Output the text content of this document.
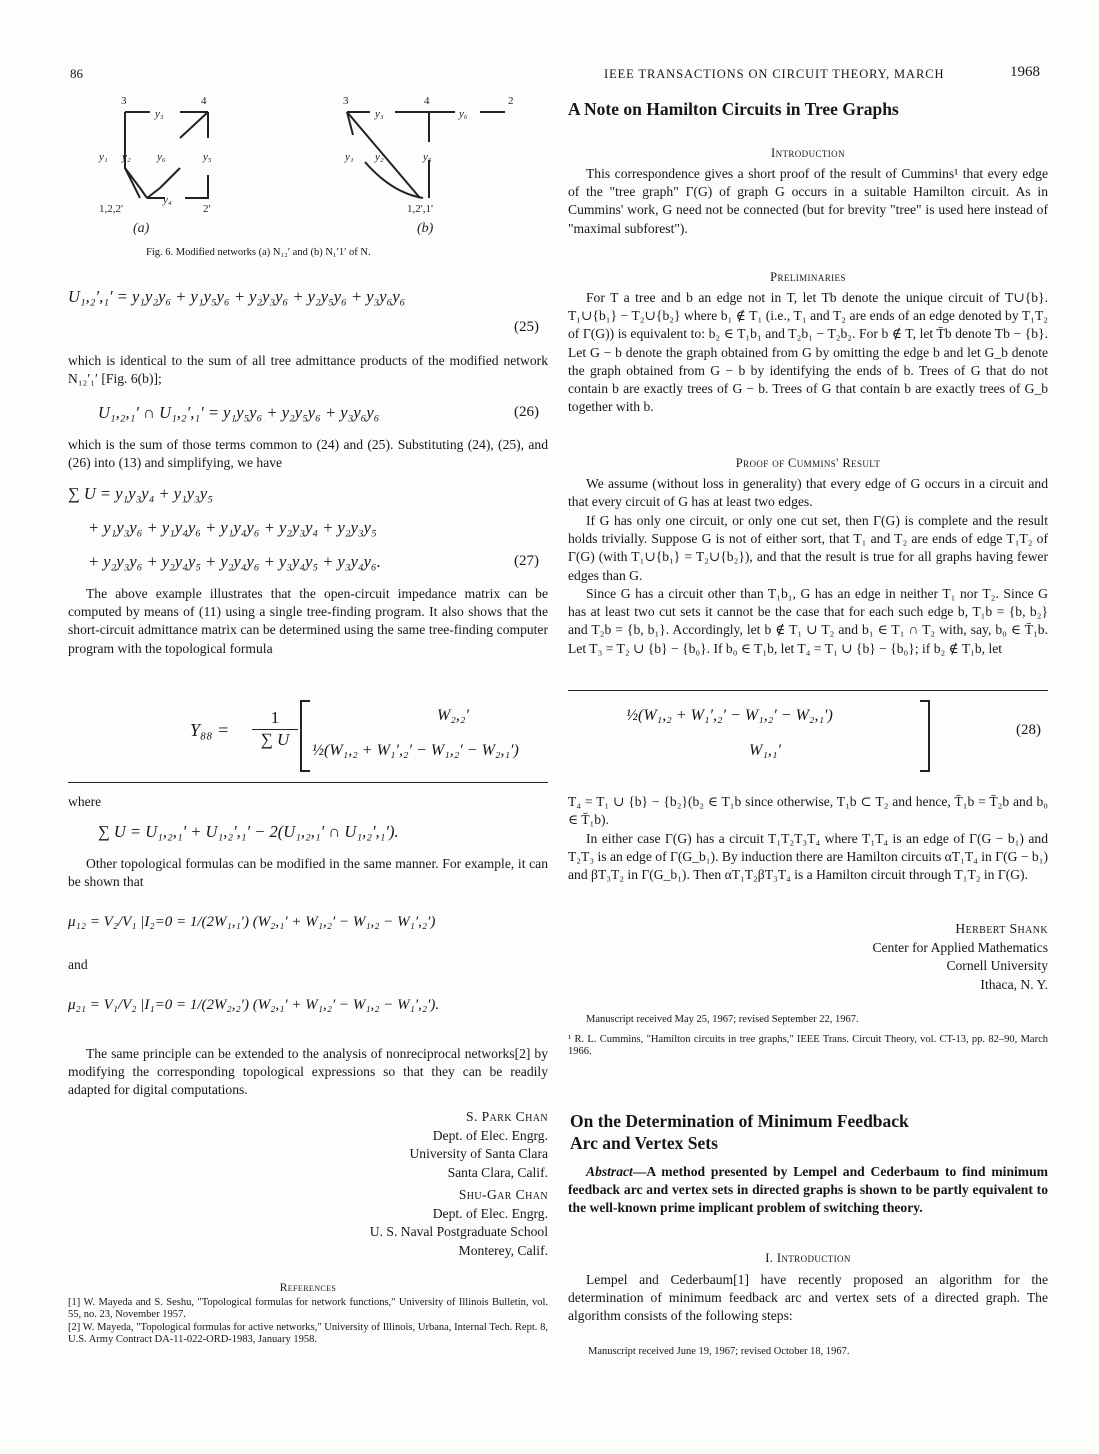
86	IEEE TRANSACTIONS ON CIRCUIT THEORY, MARCH	1968
3	4
y₃
y₁ y₂ y₆	y₅
y₄
1,2,2'	2'
(a)
3	4	2
y₃	y₆
y₁ y₂	y₅
1,2',1'
(b)
Fig. 6. Modified networks (a) N₁₂′ and (b) N₁′1′ of N.
U₁,₂′,₁′ = y₁y₂y₆ + y₁y₅y₆ + y₂y₃y₆ + y₂y₅y₆ + y₃y₆y₆
(25)
which is identical to the sum of all tree admittance products of the modified network N₁₂′₁′ [Fig. 6(b)];
U₁,₂,₁′ ∩ U₁,₂′,₁′ = y₁y₅y₆ + y₂y₅y₆ + y₃y₆y₆	(26)
which is the sum of those terms common to (24) and (25). Substituting (24), (25), and (26) into (13) and simplifying, we have
∑ U = y₁y₃y₄ + y₁y₃y₅
+ y₁y₃y₆ + y₁y₄y₆ + y₁y₄y₆ + y₂y₃y₄ + y₂y₃y₅
+ y₂y₃y₆ + y₂y₄y₅ + y₂y₄y₆ + y₃y₄y₅ + y₃y₄y₆.	(27)
The above example illustrates that the open-circuit impedance matrix can be computed by means of (11) using a single tree-finding program. It also shows that the short-circuit admittance matrix can be determined using the same tree-finding computer program with the topological formula
$Y_{88} = \frac{1}{\sum U}$	W₂,₂′	½(W₁,₂ + W₁′,₂′ − W₁,₂′ − W₂,₁′)
½(W₁,₂ + W₁′,₂′ − W₁,₂′ − W₂,₁′)	W₁,₁′
(28)
where
∑ U = U₁,₂,₁′ + U₁,₂′,₁′ − 2(U₁,₂,₁′ ∩ U₁,₂′,₁′).
Other topological formulas can be modified in the same manner. For example, it can be shown that
μ₁₂ = V₂/V₁ |I₂=0 = 1/(2W₁,₁′) (W₂,₁′ + W₁,₂′ − W₁,₂ − W₁′,₂′)
and
μ₂₁ = V₁/V₂ |I₁=0 = 1/(2W₂,₂′) (W₂,₁′ + W₁,₂′ − W₁,₂ − W₁′,₂′).
The same principle can be extended to the analysis of nonreciprocal networks[2] by modifying the corresponding topological expressions so that they can be readily adapted for digital computations.
S. Park Chan
Dept. of Elec. Engrg.
University of Santa Clara
Santa Clara, Calif.
Shu-Gar Chan
Dept. of Elec. Engrg.
U. S. Naval Postgraduate School
Monterey, Calif.
References
[1] W. Mayeda and S. Seshu, "Topological formulas for network functions," University of Illinois Bulletin, vol. 55, no. 23, November 1957.
[2] W. Mayeda, "Topological formulas for active networks," University of Illinois, Urbana, Internal Tech. Rept. 8, U.S. Army Contract DA-11-022-ORD-1983, January 1958.
A Note on Hamilton Circuits in Tree Graphs
Introduction
This correspondence gives a short proof of the result of Cummins¹ that every edge of the "tree graph" Γ(G) of graph G occurs in a suitable Hamilton circuit. As in Cummins' work, G need not be connected (but for brevity "tree" is used here instead of "maximal subforest").
Preliminaries
For T a tree and b an edge not in T, let Tb denote the unique circuit of T∪{b}. T₁∪{b₁} − T₂∪{b₂} where b₁ ∉ T₁ (i.e., T₁ and T₂ are ends of an edge denoted by T₁T₂ of Γ(G)) is equivalent to: b₂ ∈ T₁b₁ and T₂b₁ − T₂b₂. For b ∉ T, let T̄b denote Tb − {b}. Let G − b denote the graph obtained from G by omitting the edge b and let G_b denote the graph obtained from G − b by identifying the ends of b. Trees of G that do not contain b are exactly trees of G − b. Trees of G that contain b are exactly trees of G_b together with b.
Proof of Cummins' Result
We assume (without loss in generality) that every edge of G occurs in a circuit and that every circuit of G has at least two edges.
If G has only one circuit, or only one cut set, then Γ(G) is complete and the result holds trivially. Suppose G is not of either sort, that T₁ and T₂ are ends of edge T₁T₂ of Γ(G) (with T₁∪{b₁} = T₂∪{b₂}), and that the result is true for all graphs having fewer edges than G.
Since G has a circuit other than T₁b₁, G has an edge in neither T₁ nor T₂. Since G has at least two cut sets it cannot be the case that for each such edge b, T₁b = {b, b₂} and T₂b = {b, b₁}. Accordingly, let b ∉ T₁ ∪ T₂ and b₁ ∈ T₁ ∩ T₂ with, say, b₀ ∈ T̄₁b. Let T₃ = T₂ ∪ {b} − {b₀}. If b₀ ∈ T₁b, let T₄ = T₁ ∪ {b} − {b₀}; if b₂ ∉ T₁b, let
T₄ = T₁ ∪ {b} − {b₂}(b₂ ∈ T₁b since otherwise, T₁b ⊂ T₂ and hence, T̄₁b = T̄₂b and b₀ ∈ T̄₁b).
In either case Γ(G) has a circuit T₁T₂T₃T₄ where T₁T₄ is an edge of Γ(G − b₁) and T₂T₃ is an edge of Γ(G_b₁). By induction there are Hamilton circuits αT₁T₄ in Γ(G − b₁) and βT₃T₂ in Γ(G_b₁). Then αT₁T₂βT₃T₄ is a Hamilton circuit through T₁T₂ in Γ(G).
Herbert Shank
Center for Applied Mathematics
Cornell University
Ithaca, N. Y.
Manuscript received May 25, 1967; revised September 22, 1967.
¹ R. L. Cummins, "Hamilton circuits in tree graphs," IEEE Trans. Circuit Theory, vol. CT-13, pp. 82–90, March 1966.
On the Determination of Minimum Feedback
Arc and Vertex Sets
Abstract—A method presented by Lempel and Cederbaum to find minimum feedback arc and vertex sets in directed graphs is shown to be partly equivalent to the well-known prime implicant problem of switching theory.
I. Introduction
Lempel and Cederbaum[1] have recently proposed an algorithm for the determination of minimum feedback arc and vertex sets of a directed graph. The algorithm consists of the following steps:
Manuscript received June 19, 1967; revised October 18, 1967.
